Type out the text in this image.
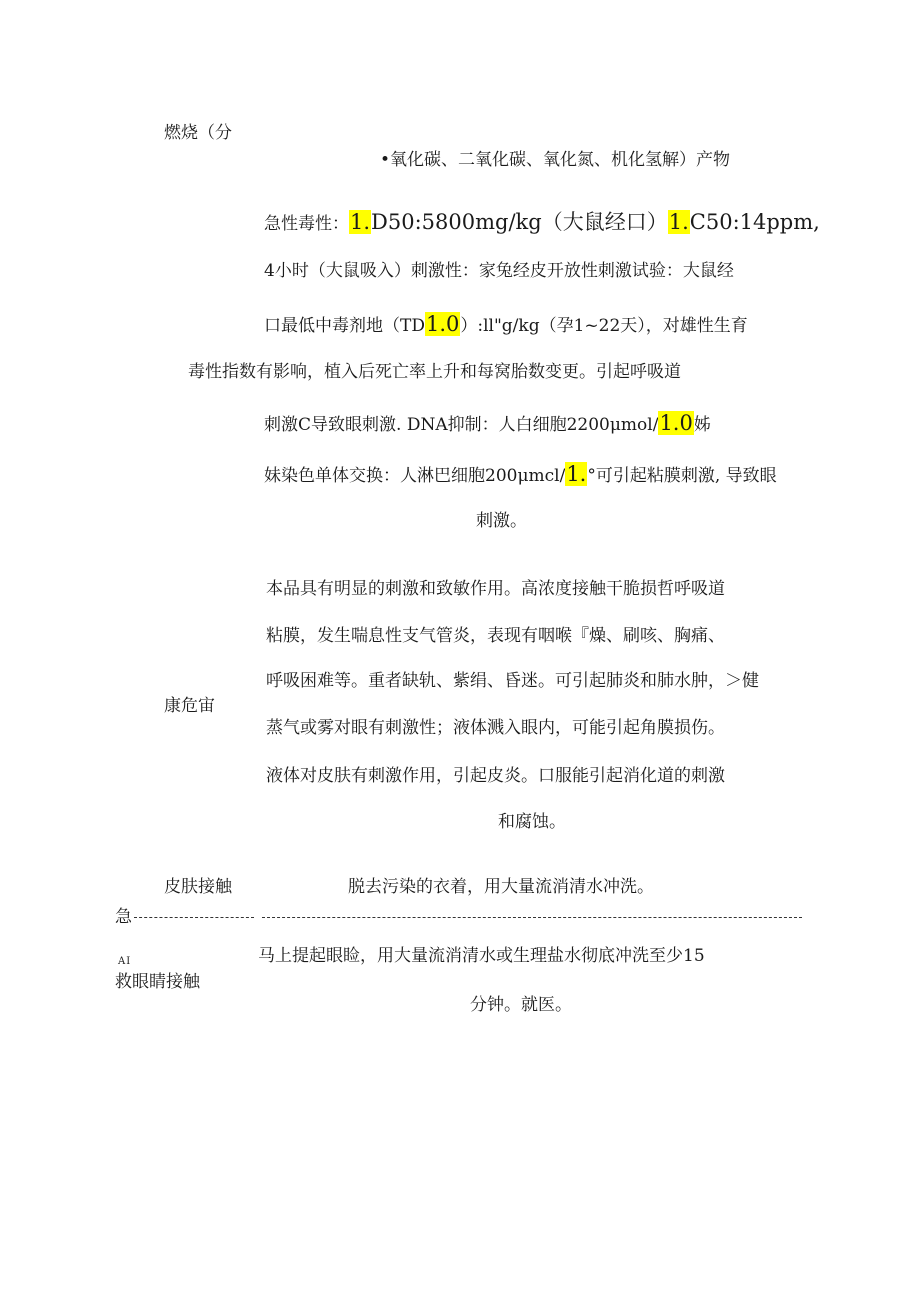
燃烧（分
•氧化碳、二氧化碳、氧化氮、机化氢解）产物
急性毒性：1.D50:5800mg/kg（大鼠经口）1.C50:14ppm,
4小时（大鼠吸入）刺激性：家兔经皮开放性刺激试验：大鼠经
口最低中毒剂地（TD1.0）:ll"g/kg（孕1~22天），对雄性生育
毒性指数有影响，植入后死亡率上升和每窝胎数变更。引起呼吸道
刺激C导致眼刺激. DNA抑制：人白细胞2200μmol/1.0姊
妹染色单体交换：人淋巴细胞200μmcl/1.°可引起粘膜刺激, 导致眼
刺激。
康危宙
本品具有明显的刺激和致敏作用。高浓度接触干脆损哲呼吸道
粘膜，发生喘息性支气管炎，表现有咽喉『燥、刷咳、胸痛、
呼吸困难等。重者缺轨、紫绢、昏迷。可引起肺炎和肺水肿，＞健
蒸气或雾对眼有刺激性；液体溅入眼内，可能引起角膜损伤。
液体对皮肤有刺激作用，引起皮炎。口服能引起消化道的刺激
和腐蚀。
皮肤接触	脱去污染的衣着，用大量流消清水冲洗。
急
AI
救眼睛接触
马上提起眼睑，用大量流消清水或生理盐水彻底冲洗至少15
分钟。就医。
